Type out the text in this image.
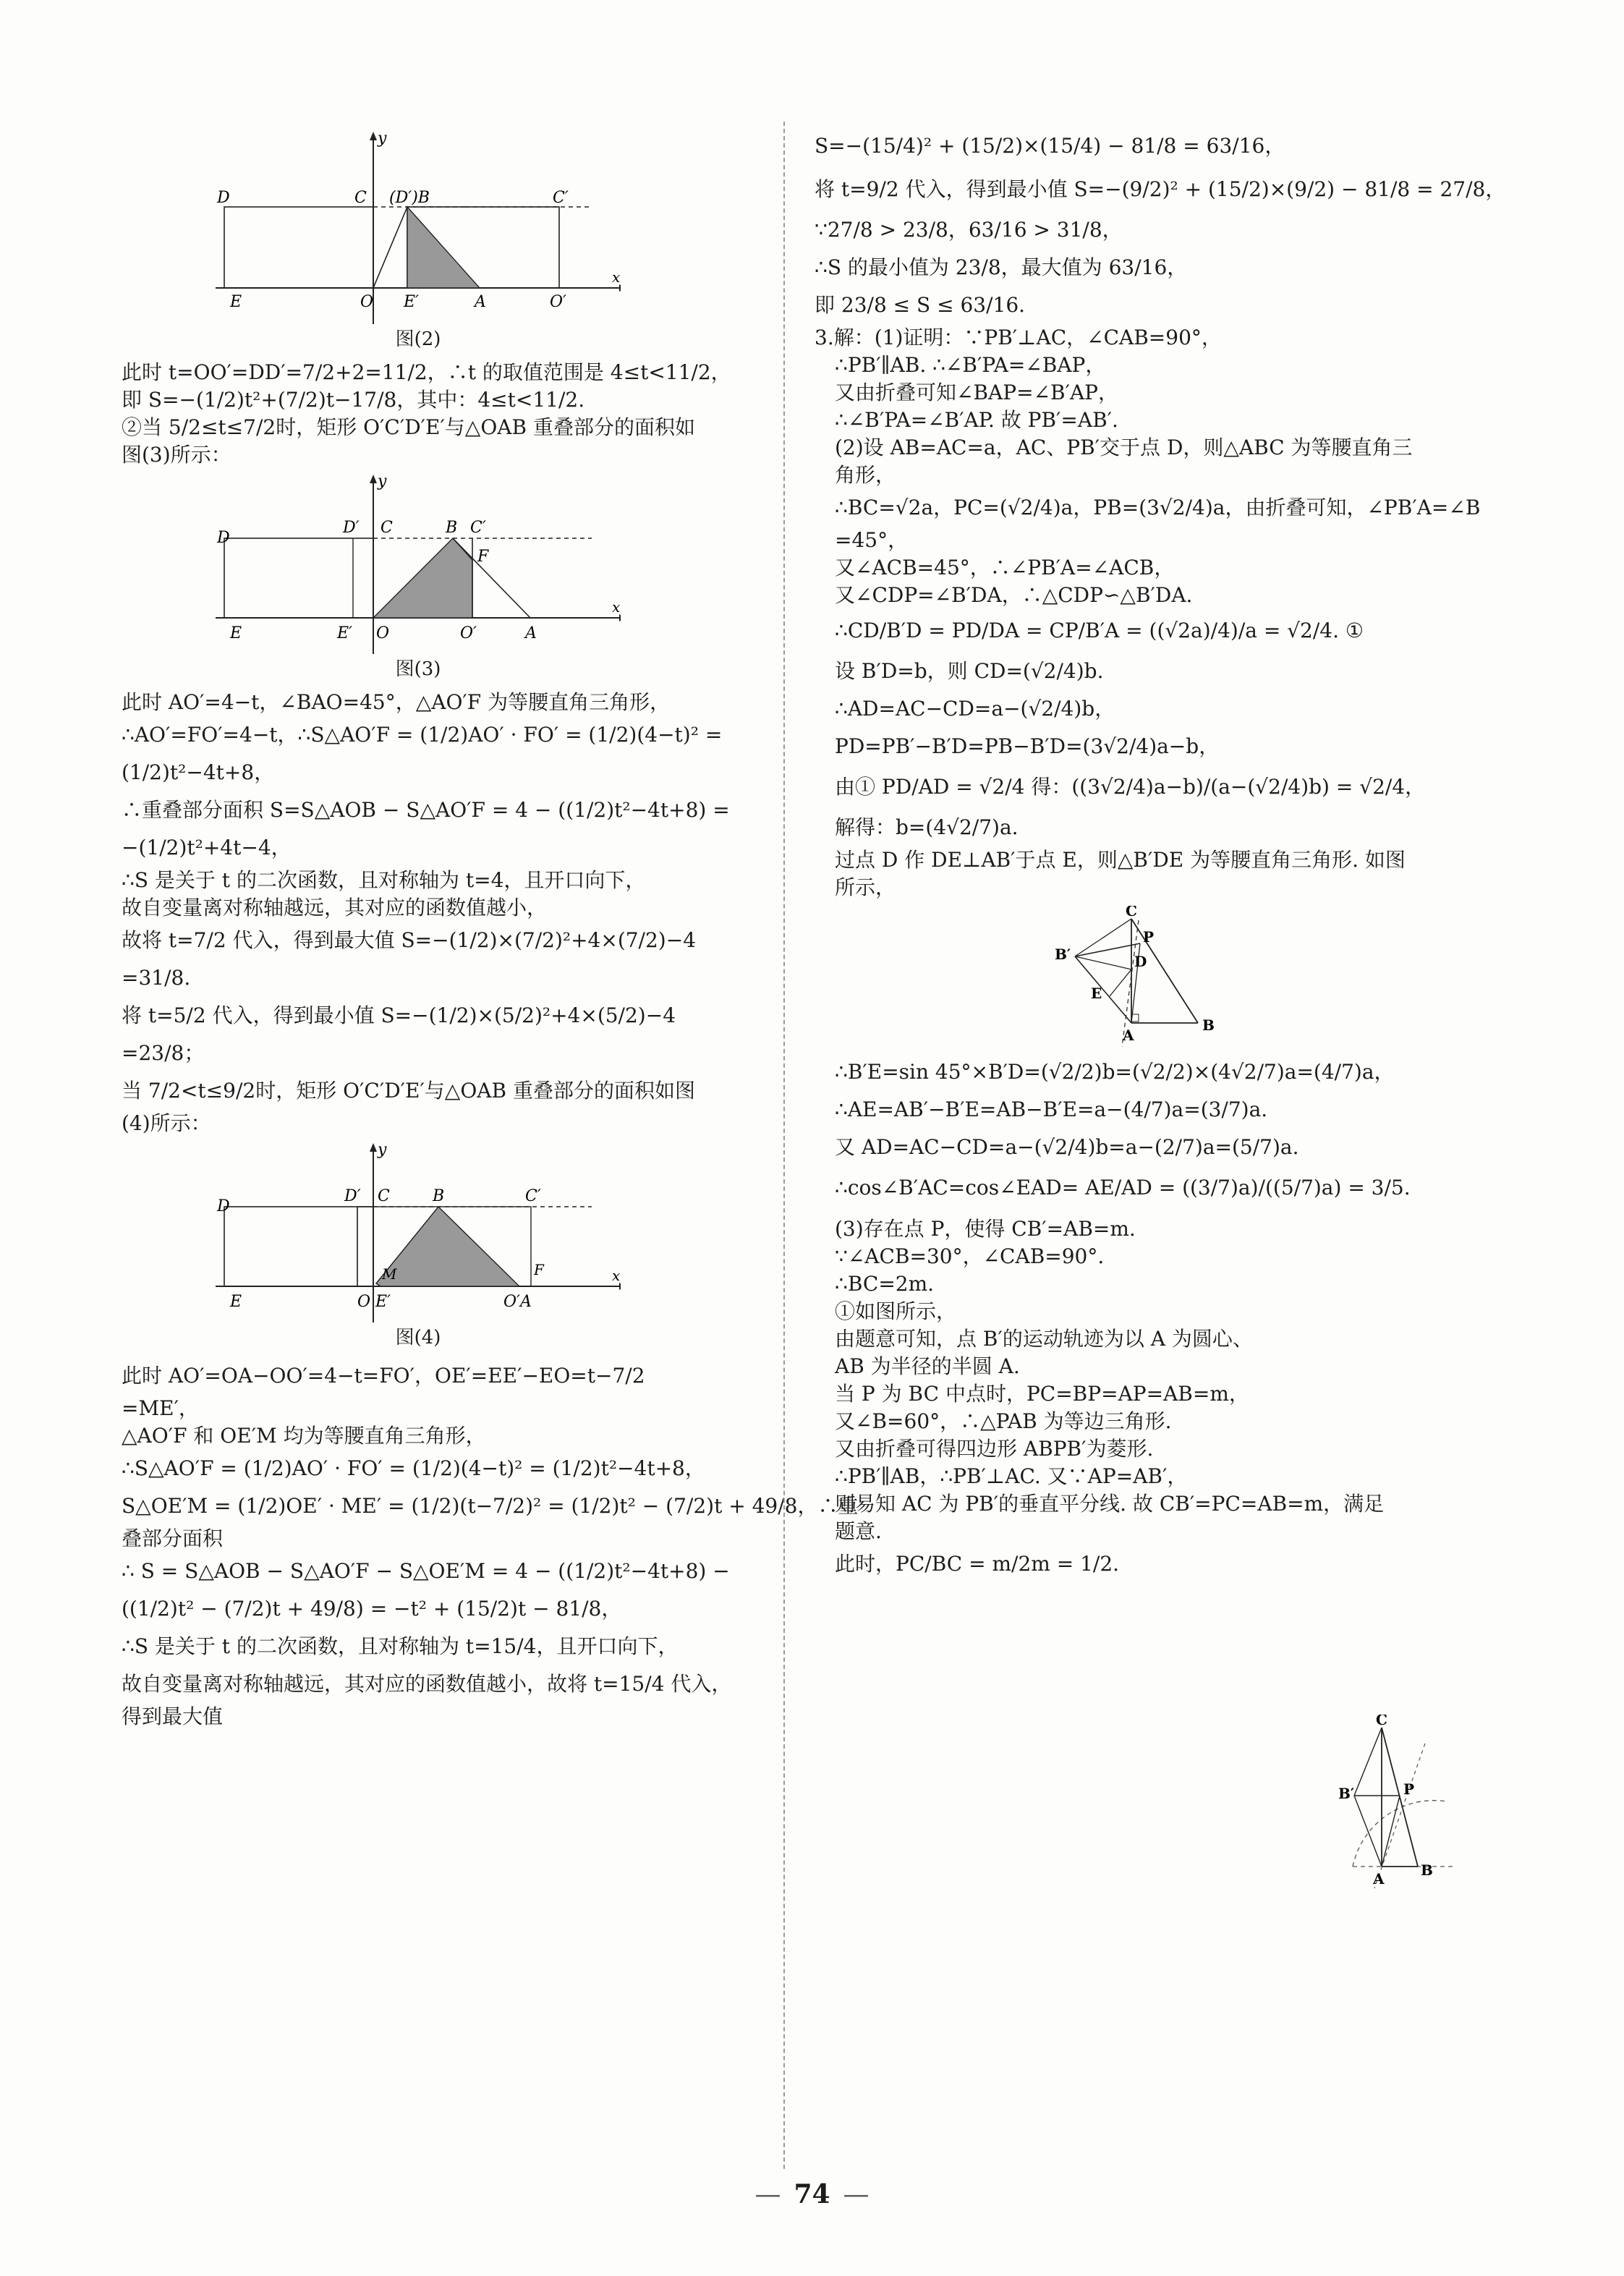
D	C (D′)B	C′
y
E	O E′	A	O′
x
图(2)
此时 t=OO′=DD′=7/2+2=11/2，∴t 的取值范围是 4≤t<11/2，
即 S=−(1/2)t²+(7/2)t−17/8，其中：4≤t<11/2.
②当 5/2≤t≤7/2时，矩形 O′C′D′E′与△OAB 重叠部分的面积如
图(3)所示：
D
D′ C	B C′
F
y
E	E′ O	O′	A
x
图(3)
此时 AO′=4−t，∠BAO=45°，△AO′F 为等腰直角三角形，
∴AO′=FO′=4−t，∴S△AO′F = (1/2)AO′ · FO′ = (1/2)(4−t)² =
(1/2)t²−4t+8，
∴重叠部分面积 S=S△AOB − S△AO′F = 4 − ((1/2)t²−4t+8) =
−(1/2)t²+4t−4，
∴S 是关于 t 的二次函数，且对称轴为 t=4，且开口向下，
故自变量离对称轴越远，其对应的函数值越小，
故将 t=7/2 代入，得到最大值 S=−(1/2)×(7/2)²+4×(7/2)−4
=31/8.
将 t=5/2 代入，得到最小值 S=−(1/2)×(5/2)²+4×(5/2)−4
=23/8；
当 7/2<t≤9/2时，矩形 O′C′D′E′与△OAB 重叠部分的面积如图
(4)所示：
D
D′ C	B	C′
M	F
y
E	O E′	O′A
x
图(4)
此时 AO′=OA−OO′=4−t=FO′，OE′=EE′−EO=t−7/2
=ME′，
△AO′F 和 OE′M 均为等腰直角三角形，
∴S△AO′F = (1/2)AO′ · FO′ = (1/2)(4−t)² = (1/2)t²−4t+8，
S△OE′M = (1/2)OE′ · ME′ = (1/2)(t−7/2)² = (1/2)t² − (7/2)t + 49/8，∴重
叠部分面积
∴ S = S△AOB − S△AO′F − S△OE′M = 4 − ((1/2)t²−4t+8) −
((1/2)t² − (7/2)t + 49/8) = −t² + (15/2)t − 81/8，
∴S 是关于 t 的二次函数，且对称轴为 t=15/4，且开口向下，
故自变量离对称轴越远，其对应的函数值越小，故将 t=15/4 代入，
得到最大值
S=−(15/4)² + (15/2)×(15/4) − 81/8 = 63/16，
将 t=9/2 代入，得到最小值 S=−(9/2)² + (15/2)×(9/2) − 81/8 = 27/8，
∵27/8 > 23/8，63/16 > 31/8，
∴S 的最小值为 23/8，最大值为 63/16，
即 23/8 ≤ S ≤ 63/16.
3.解：(1)证明：∵PB′⊥AC，∠CAB=90°，
∴PB′∥AB. ∴∠B′PA=∠BAP，
又由折叠可知∠BAP=∠B′AP，
∴∠B′PA=∠B′AP. 故 PB′=AB′.
(2)设 AB=AC=a，AC、PB′交于点 D，则△ABC 为等腰直角三
角形，
∴BC=√2a，PC=(√2/4)a，PB=(3√2/4)a，由折叠可知，∠PB′A=∠B
=45°，
又∠ACB=45°，∴∠PB′A=∠ACB，
又∠CDP=∠B′DA，∴△CDP∽△B′DA.
∴CD/B′D = PD/DA = CP/B′A = ((√2a)/4)/a = √2/4. ①
设 B′D=b，则 CD=(√2/4)b.
∴AD=AC−CD=a−(√2/4)b，
PD=PB′−B′D=PB−B′D=(3√2/4)a−b，
由① PD/AD = √2/4 得：((3√2/4)a−b)/(a−(√2/4)b) = √2/4，
解得：b=(4√2/7)a.
过点 D 作 DE⊥AB′于点 E，则△B′DE 为等腰直角三角形. 如图
所示，
C
P
B′	D
E
A
B
∴B′E=sin 45°×B′D=(√2/2)b=(√2/2)×(4√2/7)a=(4/7)a，
∴AE=AB′−B′E=AB−B′E=a−(4/7)a=(3/7)a.
又 AD=AC−CD=a−(√2/4)b=a−(2/7)a=(5/7)a.
∴cos∠B′AC=cos∠EAD= AE/AD = ((3/7)a)/((5/7)a) = 3/5.
(3)存在点 P，使得 CB′=AB=m.
∵∠ACB=30°，∠CAB=90°.
∴BC=2m.
①如图所示，
由题意可知，点 B′的运动轨迹为以 A 为圆心、
AB 为半径的半圆 A.
当 P 为 BC 中点时，PC=BP=AP=AB=m，
又∠B=60°，∴△PAB 为等边三角形.
又由折叠可得四边形 ABPB′为菱形.
∴PB′∥AB，∴PB′⊥AC. 又∵AP=AB′，
则易知 AC 为 PB′的垂直平分线. 故 CB′=PC=AB=m，满足
题意.
此时，PC/BC = m/2m = 1/2.
C
B′	P
A	B
— 74 —
